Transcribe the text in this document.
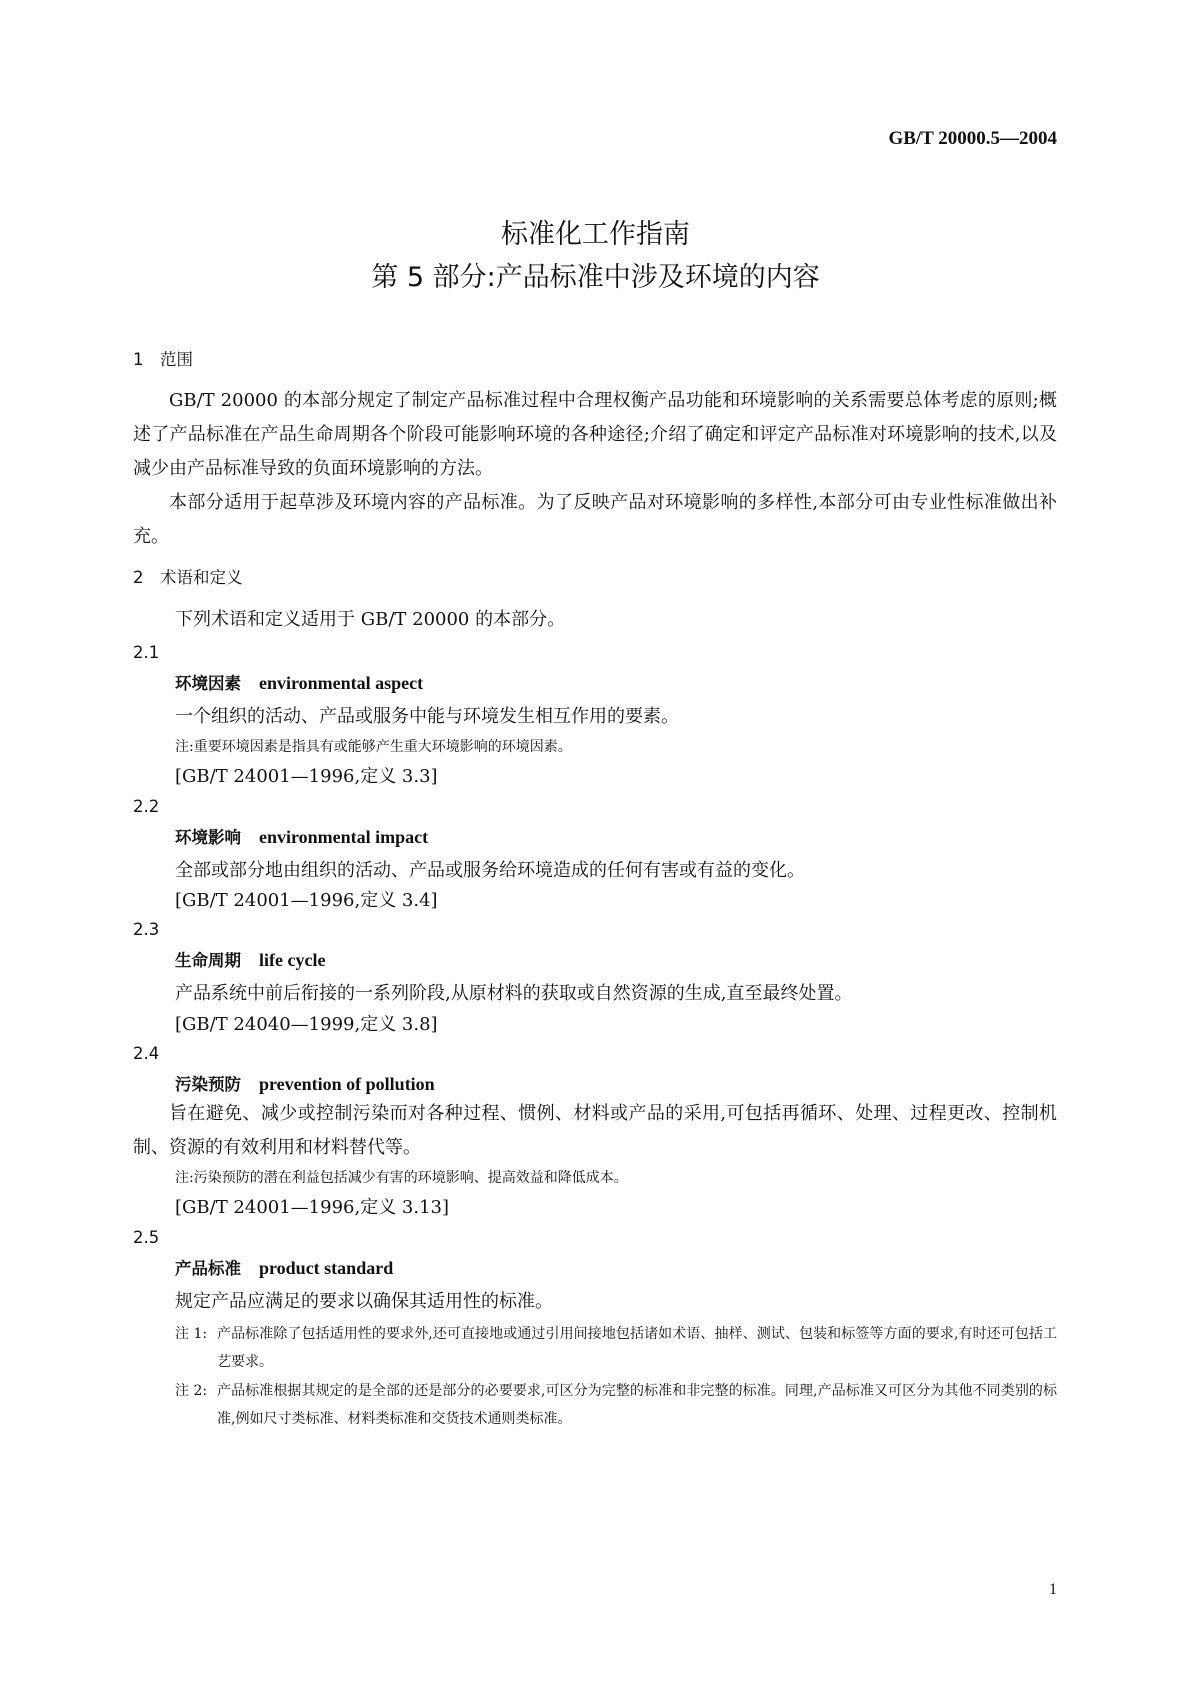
GB/T 20000.5—2004
标准化工作指南
第 5 部分:产品标准中涉及环境的内容
1　范围

GB/T 20000 的本部分规定了制定产品标准过程中合理权衡产品功能和环境影响的关系需要总体考虑的原则;概述了产品标准在产品生命周期各个阶段可能影响环境的各种途径;介绍了确定和评定产品标准对环境影响的技术,以及减少由产品标准导致的负面环境影响的方法。

本部分适用于起草涉及环境内容的产品标准。为了反映产品对环境影响的多样性,本部分可由专业性标准做出补充。

2　术语和定义
下列术语和定义适用于 GB/T 20000 的本部分。
2.1
环境因素 environmental aspect
一个组织的活动、产品或服务中能与环境发生相互作用的要素。
注:重要环境因素是指具有或能够产生重大环境影响的环境因素。
[GB/T 24001—1996,定义 3.3]
2.2
环境影响 environmental impact
全部或部分地由组织的活动、产品或服务给环境造成的任何有害或有益的变化。
[GB/T 24001—1996,定义 3.4]
2.3
生命周期 life cycle
产品系统中前后衔接的一系列阶段,从原材料的获取或自然资源的生成,直至最终处置。
[GB/T 24040—1999,定义 3.8]
2.4
污染预防 prevention of pollution

旨在避免、减少或控制污染而对各种过程、惯例、材料或产品的采用,可包括再循环、处理、过程更改、控制机制、资源的有效利用和材料替代等。

注:污染预防的潜在利益包括减少有害的环境影响、提高效益和降低成本。
[GB/T 24001—1996,定义 3.13]
2.5
产品标准 product standard
规定产品应满足的要求以确保其适用性的标准。
注 1: 产品标准除了包括适用性的要求外,还可直接地或通过引用间接地包括诸如术语、抽样、测试、包装和标签等方面的要求,有时还可包括工艺要求。
注 2: 产品标准根据其规定的是全部的还是部分的必要要求,可区分为完整的标准和非完整的标准。同理,产品标准又可区分为其他不同类别的标准,例如尺寸类标准、材料类标准和交货技术通则类标准。
1
